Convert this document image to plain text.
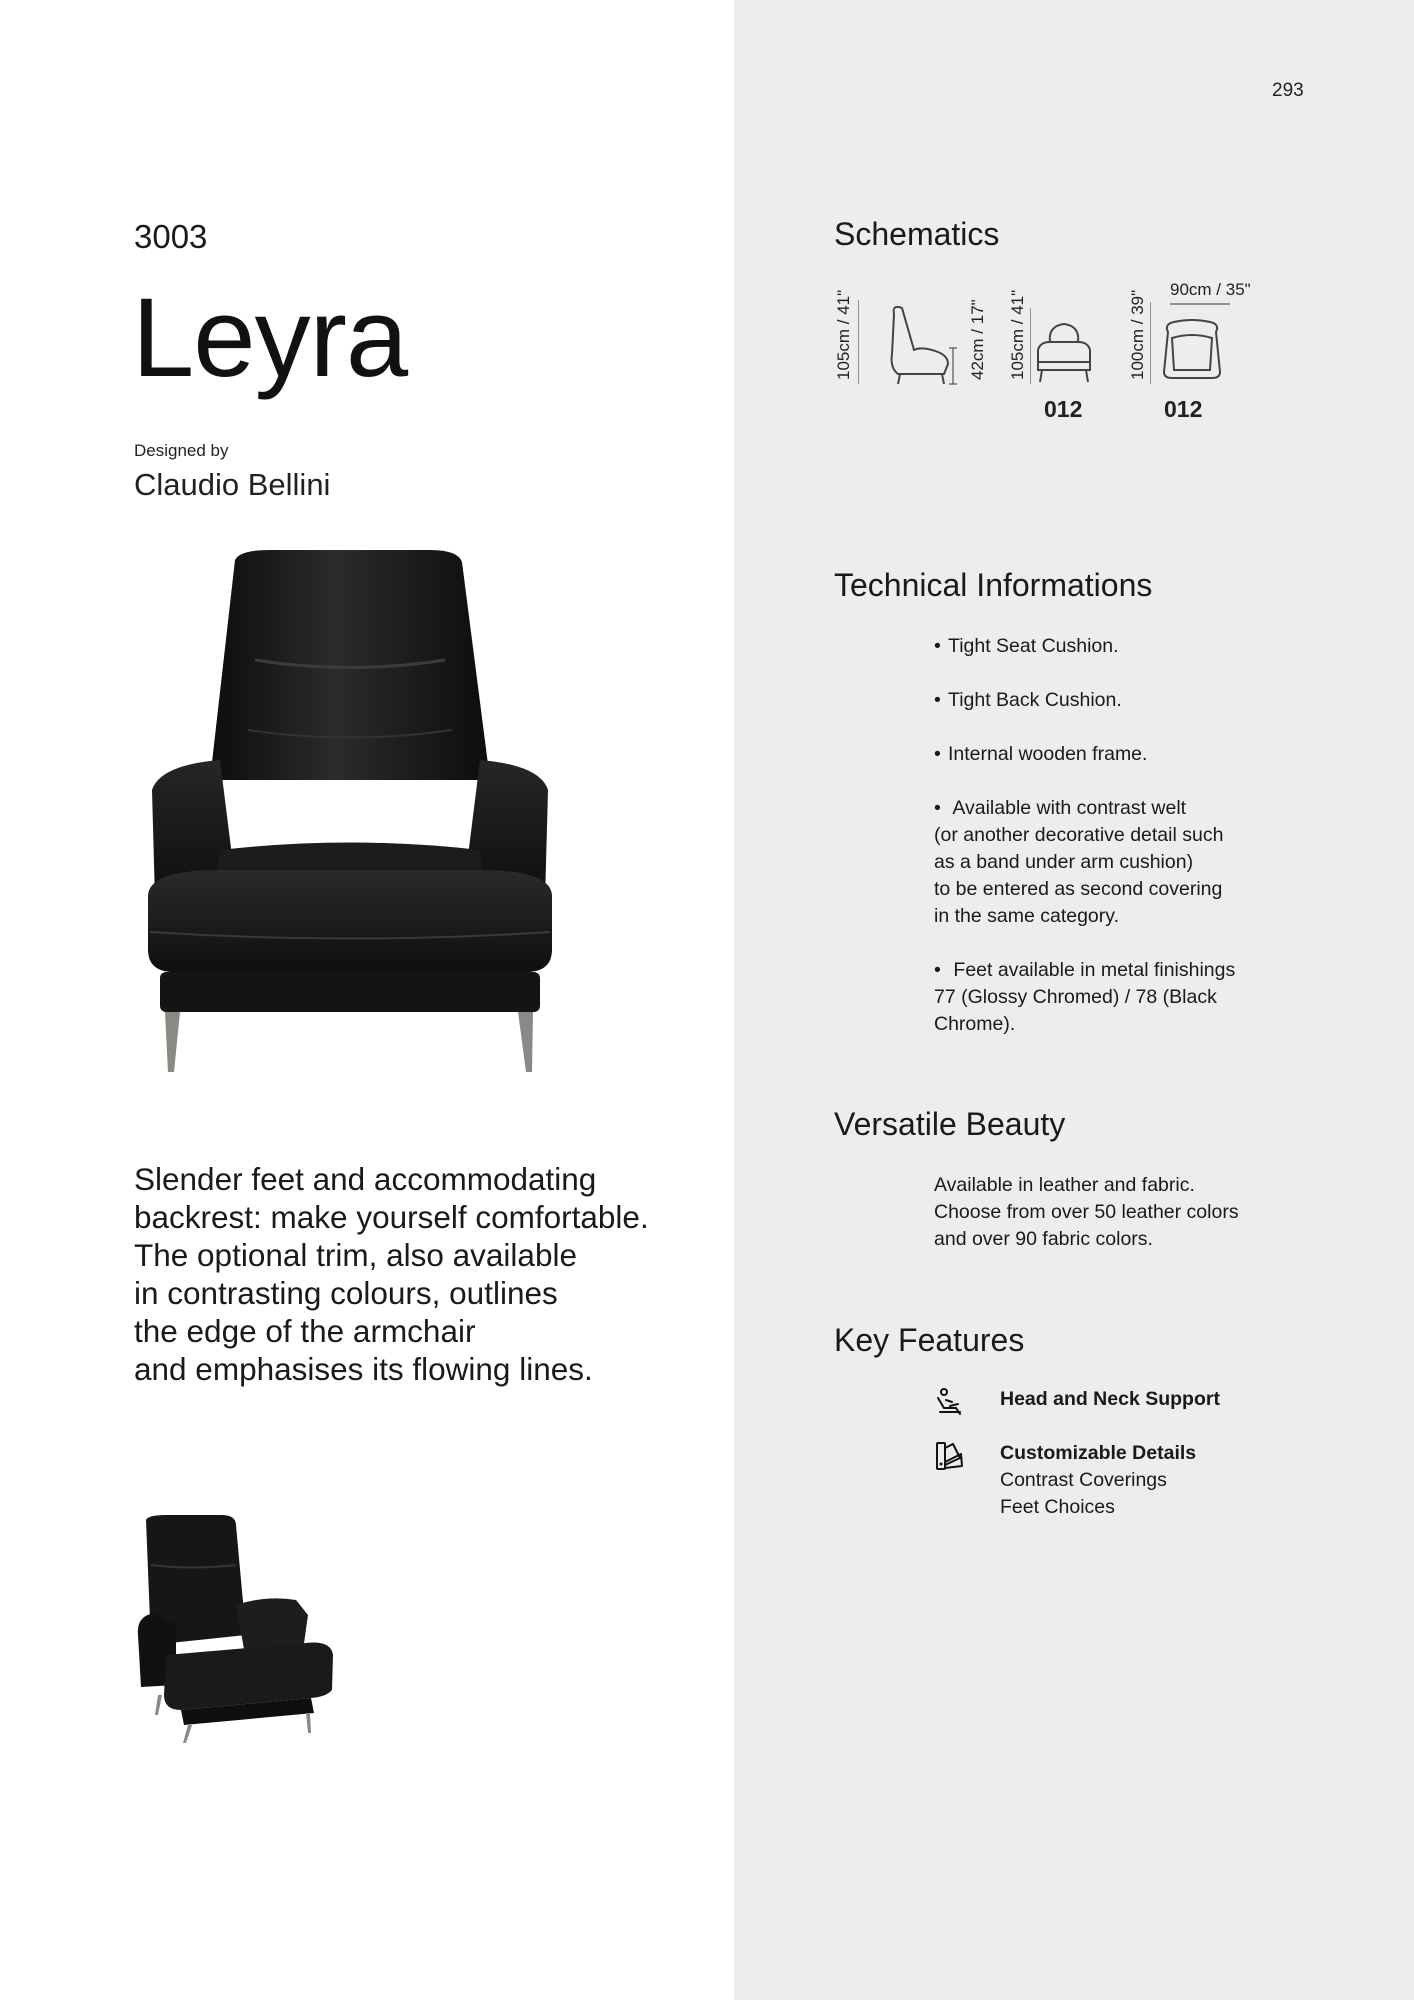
293
3003
Leyra
Designed by
Claudio Bellini
Slender feet and accommodating
backrest: make yourself comfortable.
The optional trim, also available
in contrasting colours, outlines
the edge of the armchair
and emphasises its flowing lines.
Schematics
105cm / 41"	42cm / 17" 105cm / 41"
012
100cm / 39"
90cm / 35"
012
Technical Informations
• Tight Seat Cushion.
• Tight Back Cushion.
• Internal wooden frame.
• Available with contrast welt
(or another decorative detail such
as a band under arm cushion)
to be entered as second covering
in the same category.
• Feet available in metal finishings
77 (Glossy Chromed) / 78 (Black
Chrome).
Versatile Beauty
Available in leather and fabric.
Choose from over 50 leather colors
and over 90 fabric colors.
Key Features
Head and Neck Support
Customizable Details
Contrast Coverings
Feet Choices
